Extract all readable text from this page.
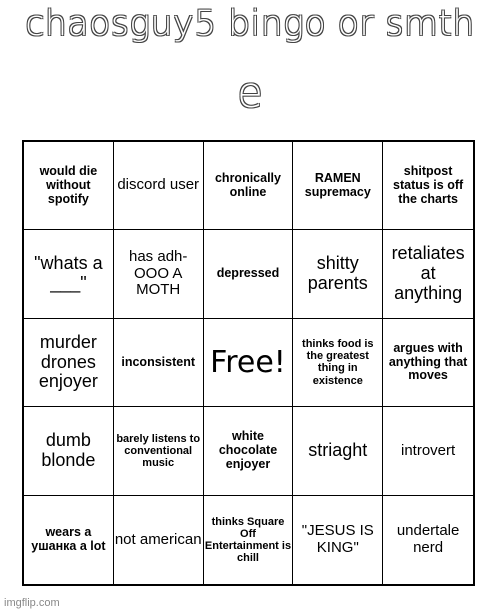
chaosguy5 bingo or smth
e
would die without spotify
discord user	chronically online
RAMEN supremacy
shitpost status is off the charts
"whats a ___"
has adh- OOO A MOTH
depressed	shitty parents
retaliates at anything
murder drones enjoyer
inconsistent Free!
thinks food is the greatest thing in existence
argues with anything that moves
dumb blonde
barely listens to conventional music
white chocolate enjoyer
striaght introvert
wears a ушанка a lot not american
thinks Square Off Entertainment is chill
"JESUS IS KING"
undertale nerd
imgflip.com
